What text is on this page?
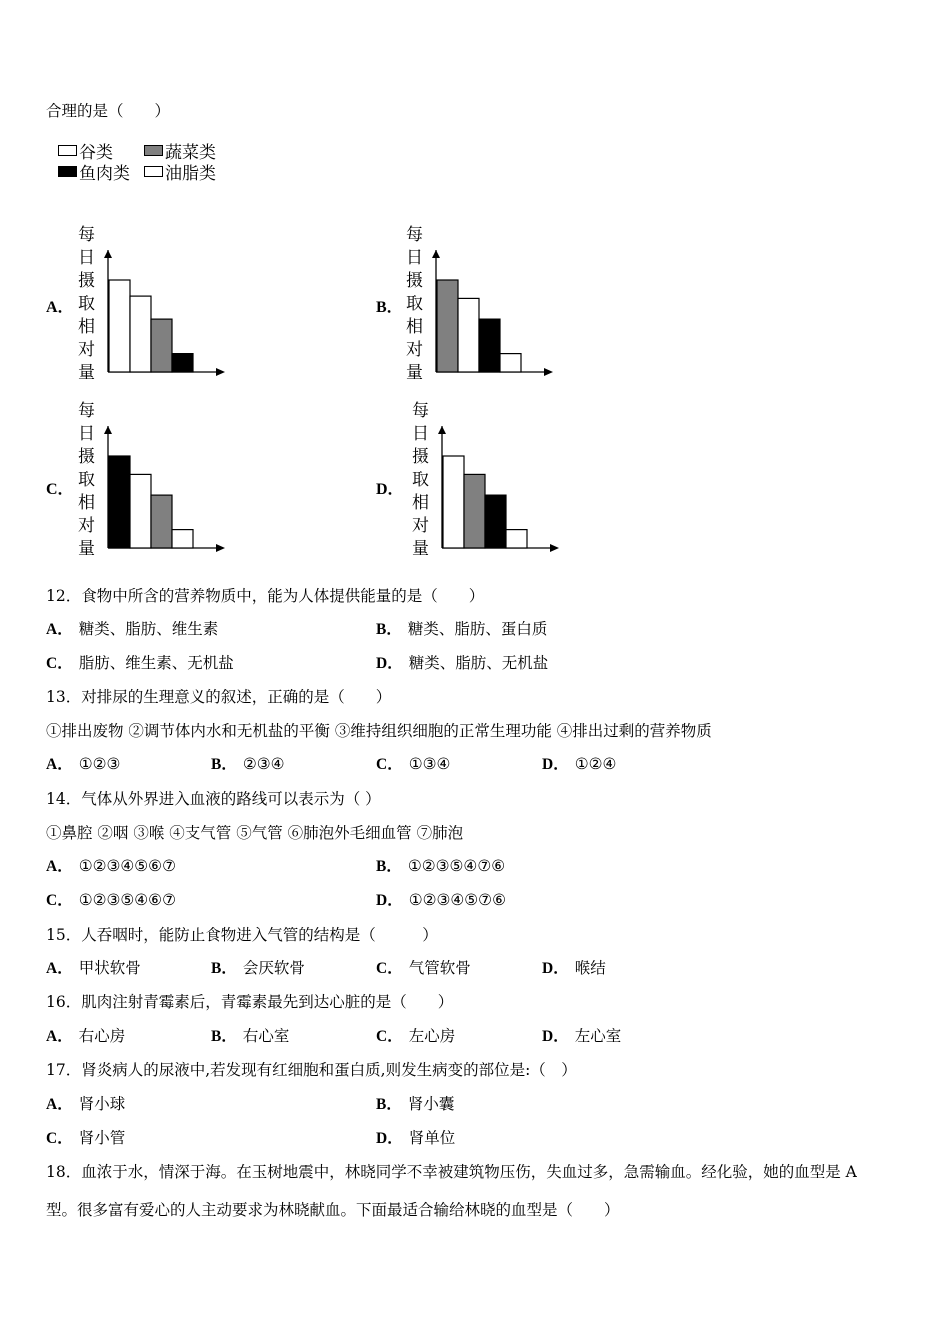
合理的是（　　）
谷类	蔬菜类
鱼肉类 油脂类
A．
每
日
摄
取
相
对
量
B．
每
日
摄
取
相
对
量
C．
每
日
摄
取
相
对
量
D．
每
日
摄
取
相
对
量
12．食物中所含的营养物质中，能为人体提供能量的是（　　）
A． 糖类、脂肪、维生素	B． 糖类、脂肪、蛋白质
C． 脂肪、维生素、无机盐	D． 糖类、脂肪、无机盐
13．对排尿的生理意义的叙述，正确的是（　　）
①排出废物 ②调节体内水和无机盐的平衡 ③维持组织细胞的正常生理功能 ④排出过剩的营养物质
A． ①②③	B． ②③④	C． ①③④	D． ①②④
14．气体从外界进入血液的路线可以表示为（ ）
①鼻腔 ②咽 ③喉 ④支气管 ⑤气管 ⑥肺泡外毛细血管 ⑦肺泡
A． ①②③④⑤⑥⑦	B． ①②③⑤④⑦⑥
C． ①②③⑤④⑥⑦	D． ①②③④⑤⑦⑥
15．人吞咽时，能防止食物进入气管的结构是（　　　）
A． 甲状软骨	B． 会厌软骨	C． 气管软骨	D． 喉结
16．肌肉注射青霉素后，青霉素最先到达心脏的是（　　）
A． 右心房	B． 右心室	C． 左心房	D． 左心室
17．肾炎病人的尿液中,若发现有红细胞和蛋白质,则发生病变的部位是:（　）
A． 肾小球	B． 肾小囊
C． 肾小管	D． 肾单位
18．血浓于水，情深于海。在玉树地震中，林晓同学不幸被建筑物压伤，失血过多，急需输血。经化验，她的血型是 A
型。很多富有爱心的人主动要求为林晓献血。下面最适合输给林晓的血型是（　　）
